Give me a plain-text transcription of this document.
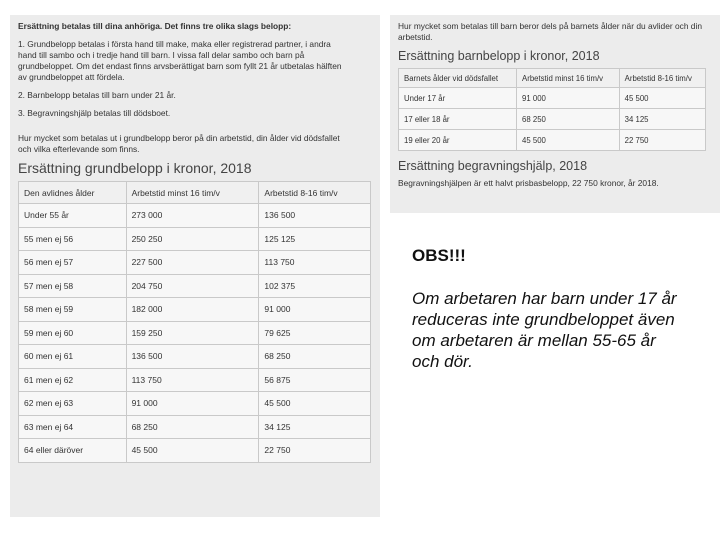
Ersättning betalas till dina anhöriga. Det finns tre olika slags belopp:

1. Grundbelopp betalas i första hand till make, maka eller registrerad partner, i andra

hand till sambo och i tredje hand till barn. I vissa fall delar sambo och barn på

grundbeloppet. Om det endast finns arvsberättigat barn som fyllt 21 år utbetalas hälften

av grundbeloppet att fördela.

2. Barnbelopp betalas till barn under 21 år.

3. Begravningshjälp betalas till dödsboet.

Hur mycket som betalas ut i grundbelopp beror på din arbetstid, din ålder vid dödsfallet

och vilka efterlevande som finns.

Ersättning grundbelopp i kronor, 2018
Den avlidnes ålder	Arbetstid minst 16 tim/v	Arbetstid 8-16 tim/v
Under 55 år	273 000	136 500
55 men ej 56	250 250	125 125
56 men ej 57	227 500	113 750
57 men ej 58	204 750	102 375
58 men ej 59	182 000	91 000
59 men ej 60	159 250	79 625
60 men ej 61	136 500	68 250
61 men ej 62	113 750	56 875
62 men ej 63	91 000	45 500
63 men ej 64	68 250	34 125
64 eller däröver	45 500	22 750

Hur mycket som betalas till barn beror dels på barnets ålder när du avlider och din

arbetstid.

Ersättning barnbelopp i kronor, 2018
Barnets ålder vid dödsfallet	Arbetstid minst 16 tim/v	Arbetstid 8-16 tim/v
Under 17 år	91 000	45 500
17 eller 18 år	68 250	34 125
19 eller 20 år	45 500	22 750
Ersättning begravningshjälp, 2018

Begravningshjälpen är ett halvt prisbasbelopp, 22 750 kronor, år 2018.

OBS!!!
Om arbetaren har barn under 17 år
reduceras inte grundbeloppet även
om arbetaren är mellan 55-65 år
och dör.
